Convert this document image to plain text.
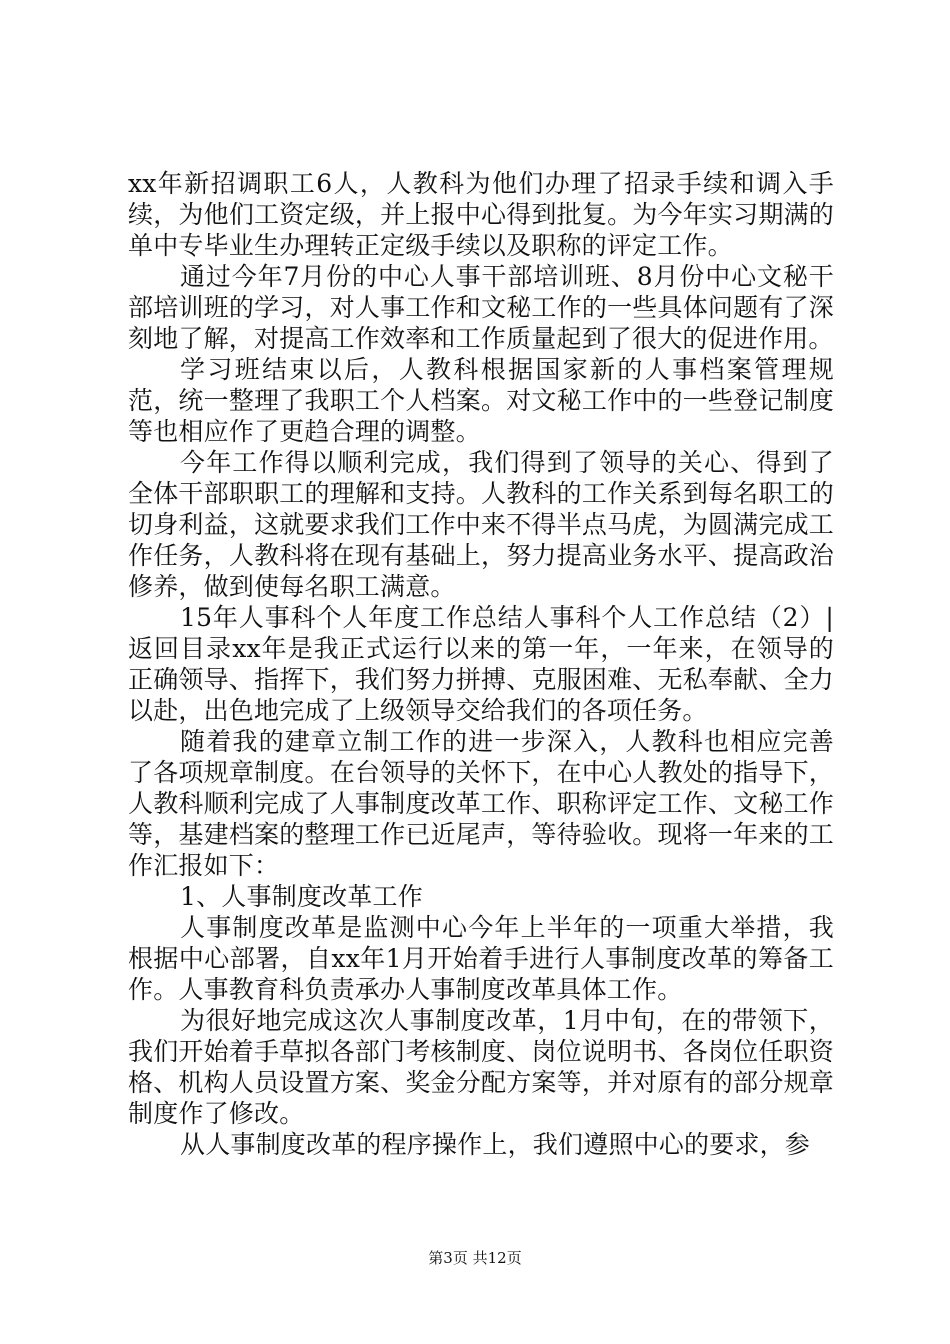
xx年新招调职工6人，人教科为他们办理了招录手续和调入手续，为他们工资定级，并上报中心得到批复。为今年实习期满的单中专毕业生办理转正定级手续以及职称的评定工作。

通过今年7月份的中心人事干部培训班、8月份中心文秘干部培训班的学习，对人事工作和文秘工作的一些具体问题有了深刻地了解，对提高工作效率和工作质量起到了很大的促进作用。

学习班结束以后，人教科根据国家新的人事档案管理规范，统一整理了我职工个人档案。对文秘工作中的一些登记制度等也相应作了更趋合理的调整。

今年工作得以顺利完成，我们得到了领导的关心、得到了全体干部职职工的理解和支持。人教科的工作关系到每名职工的切身利益，这就要求我们工作中来不得半点马虎，为圆满完成工作任务，人教科将在现有基础上，努力提高业务水平、提高政治修养，做到使每名职工满意。

15年人事科个人年度工作总结人事科个人工作总结（2）|返回目录xx年是我正式运行以来的第一年，一年来，在领导的正确领导、指挥下，我们努力拼搏、克服困难、无私奉献、全力以赴，出色地完成了上级领导交给我们的各项任务。

随着我的建章立制工作的进一步深入，人教科也相应完善了各项规章制度。在台领导的关怀下，在中心人教处的指导下，人教科顺利完成了人事制度改革工作、职称评定工作、文秘工作等，基建档案的整理工作已近尾声，等待验收。现将一年来的工作汇报如下：

1、人事制度改革工作

人事制度改革是监测中心今年上半年的一项重大举措，我根据中心部署，自xx年1月开始着手进行人事制度改革的筹备工作。人事教育科负责承办人事制度改革具体工作。

为很好地完成这次人事制度改革，1月中旬，在的带领下，我们开始着手草拟各部门考核制度、岗位说明书、各岗位任职资格、机构人员设置方案、奖金分配方案等，并对原有的部分规章制度作了修改。

从人事制度改革的程序操作上，我们遵照中心的要求，参

第3页 共12页
